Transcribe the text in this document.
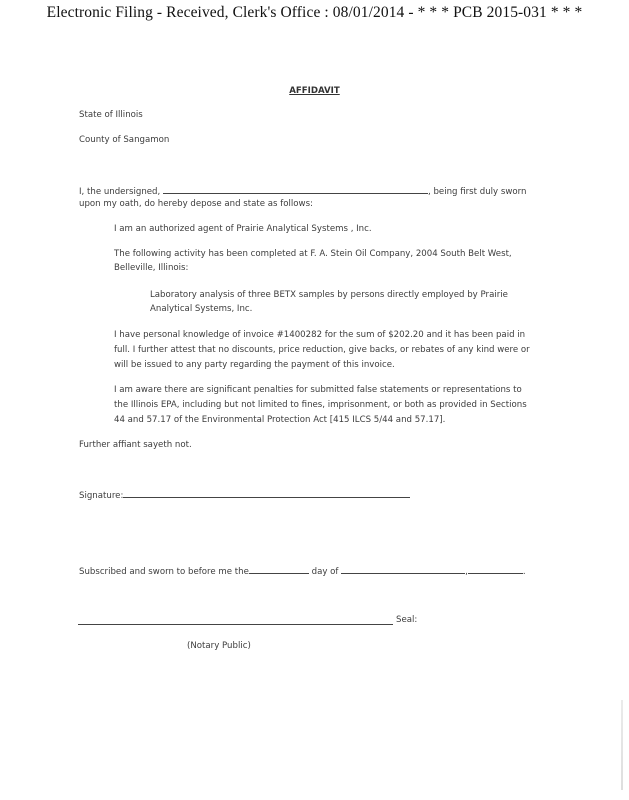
Electronic Filing - Received, Clerk's Office : 08/01/2014 - * * * PCB 2015-031 * * *
AFFIDAVIT
State of Illinois
County of Sangamon
I, the undersigned,	, being first duly sworn
upon my oath, do hereby depose and state as follows:
I am an authorized agent of Prairie Analytical Systems , Inc.
The following activity has been completed at F. A. Stein Oil Company, 2004 South Belt West,
Belleville, Illinois:
Laboratory analysis of three BETX samples by persons directly employed by Prairie
Analytical Systems, Inc.
I have personal knowledge of invoice #1400282 for the sum of $202.20 and it has been paid in
full. I further attest that no discounts, price reduction, give backs, or rebates of any kind were or
will be issued to any party regarding the payment of this invoice.
I am aware there are significant penalties for submitted false statements or representations to
the Illinois EPA, including but not limited to fines, imprisonment, or both as provided in Sections
44 and 57.17 of the Environmental Protection Act [415 ILCS 5/44 and 57.17].
Further affiant sayeth not.
Signature:
Subscribed and sworn to before me the	day of	,	.
Seal:
(Notary Public)
